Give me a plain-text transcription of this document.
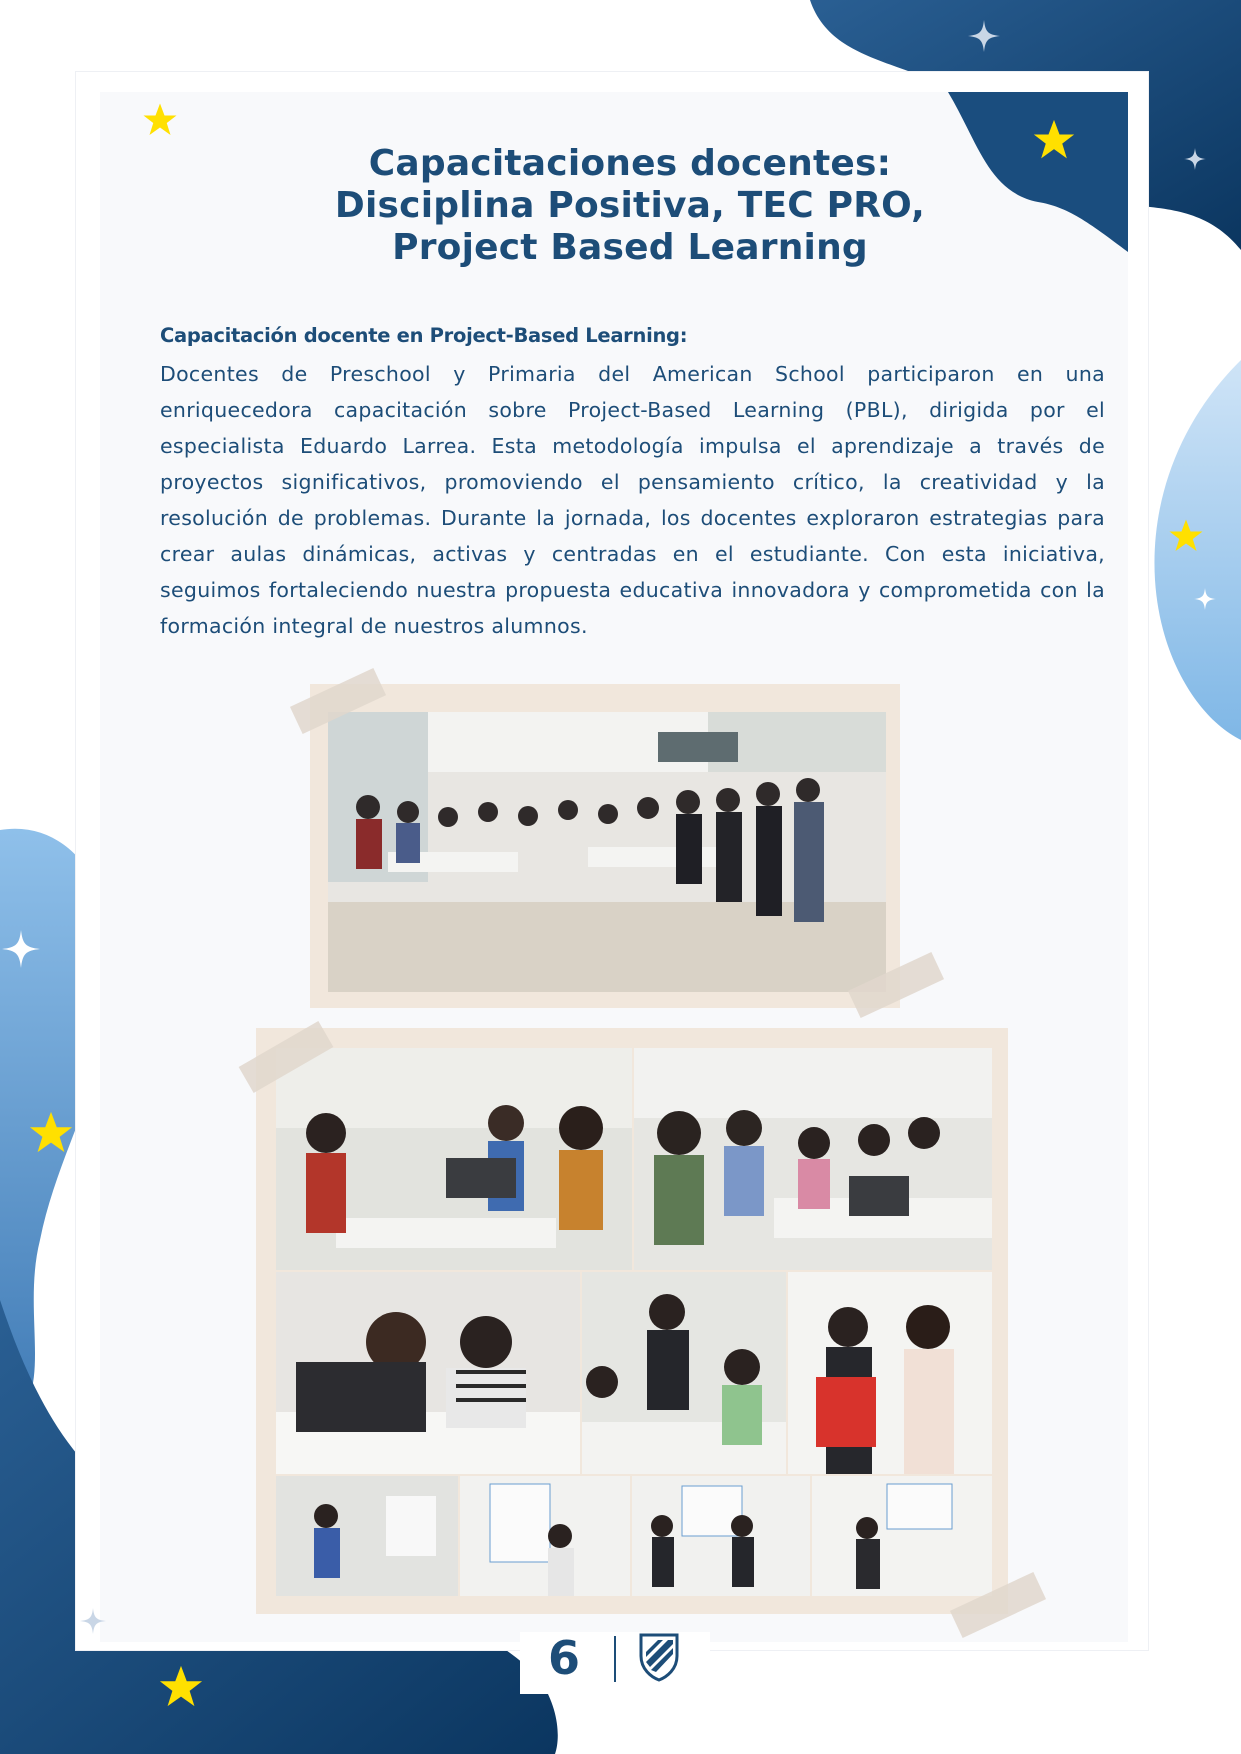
Capacitaciones docentes:
Disciplina Positiva, TEC PRO,
Project Based Learning

Capacitación docente en Project-Based Learning:

Docentes de Preschool y Primaria del American School participaron en una enriquecedora capacitación sobre Project-Based Learning (PBL), dirigida por el especialista Eduardo Larrea. Esta metodología impulsa el aprendizaje a través de proyectos significativos, promoviendo el pensamiento crítico, la creatividad y la resolución de problemas. Durante la jornada, los docentes exploraron estrategias para crear aulas dinámicas, activas y centradas en el estudiante. Con esta iniciativa, seguimos fortaleciendo nuestra propuesta educativa innovadora y comprometida con la formación integral de nuestros alumnos.

6
